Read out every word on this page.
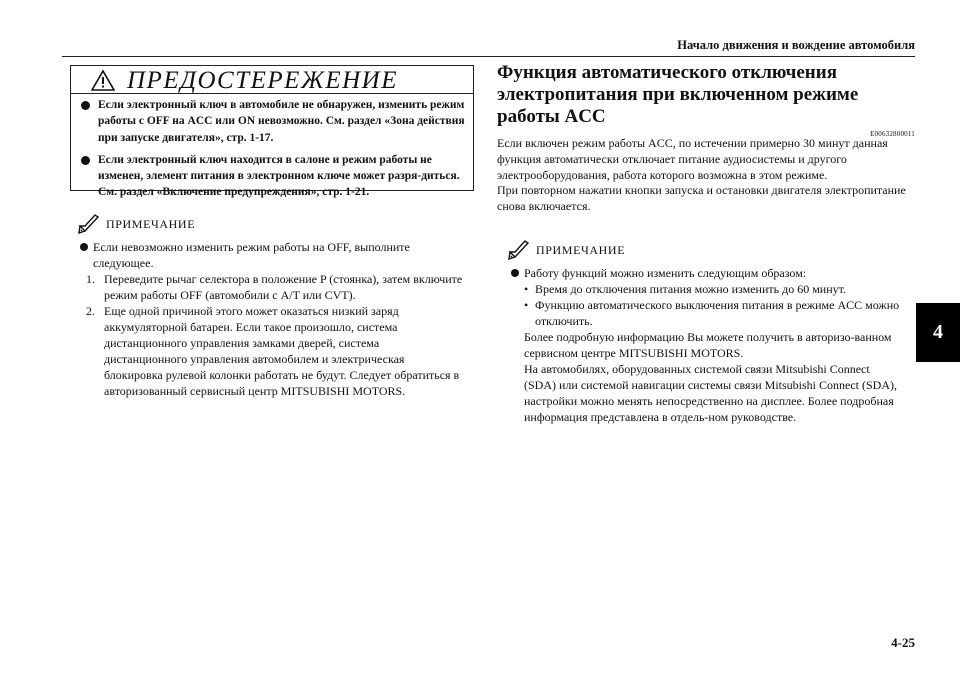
Начало движения и вождение автомобиля
ПРЕДОСТЕРЕЖЕНИЕ
Если электронный ключ в автомобиле не обнаружен, изменить режим работы с OFF на ACC или ON невозможно. См. раздел «Зона действия при запуске двигателя», стр. 1-17.
Если электронный ключ находится в салоне и режим работы не изменен, элемент питания в электронном ключе может разря-диться. См. раздел «Включение предупреждения», стр. 1-21.
ПРИМЕЧАНИЕ
Если невозможно изменить режим работы на OFF, выполните следующее.
1. Переведите рычаг селектора в положение P (стоянка), затем включите режим работы OFF (автомобили с A/T или CVT).
2. Еще одной причиной этого может оказаться низкий заряд аккумуляторной батареи. Если такое произошло, система дистанционного управления замками дверей, система дистанционного управления автомобилем и электрическая блокировка рулевой колонки работать не будут. Следует обратиться в авторизованный сервисный центр MITSUBISHI MOTORS.
Функция автоматического отключения электропитания при включенном режиме работы ACC
E00632800011
Если включен режим работы ACC, по истечении примерно 30 минут данная функция автоматически отключает питание аудиосистемы и другого электрооборудования, работа которого возможна в этом режиме.
При повторном нажатии кнопки запуска и остановки двигателя электропитание снова включается.
ПРИМЕЧАНИЕ
Работу функций можно изменить следующим образом:
• Время до отключения питания можно изменить до 60 минут.
• Функцию автоматического выключения питания в режиме ACC можно отключить.
Более подробную информацию Вы можете получить в авторизо-ванном сервисном центре MITSUBISHI MOTORS.
На автомобилях, оборудованных системой связи Mitsubishi Connect (SDA) или системой навигации системы связи Mitsubishi Connect (SDA), настройки можно менять непосредственно на дисплее. Более подробная информация представлена в отдель-ном руководстве.
4
4-25
